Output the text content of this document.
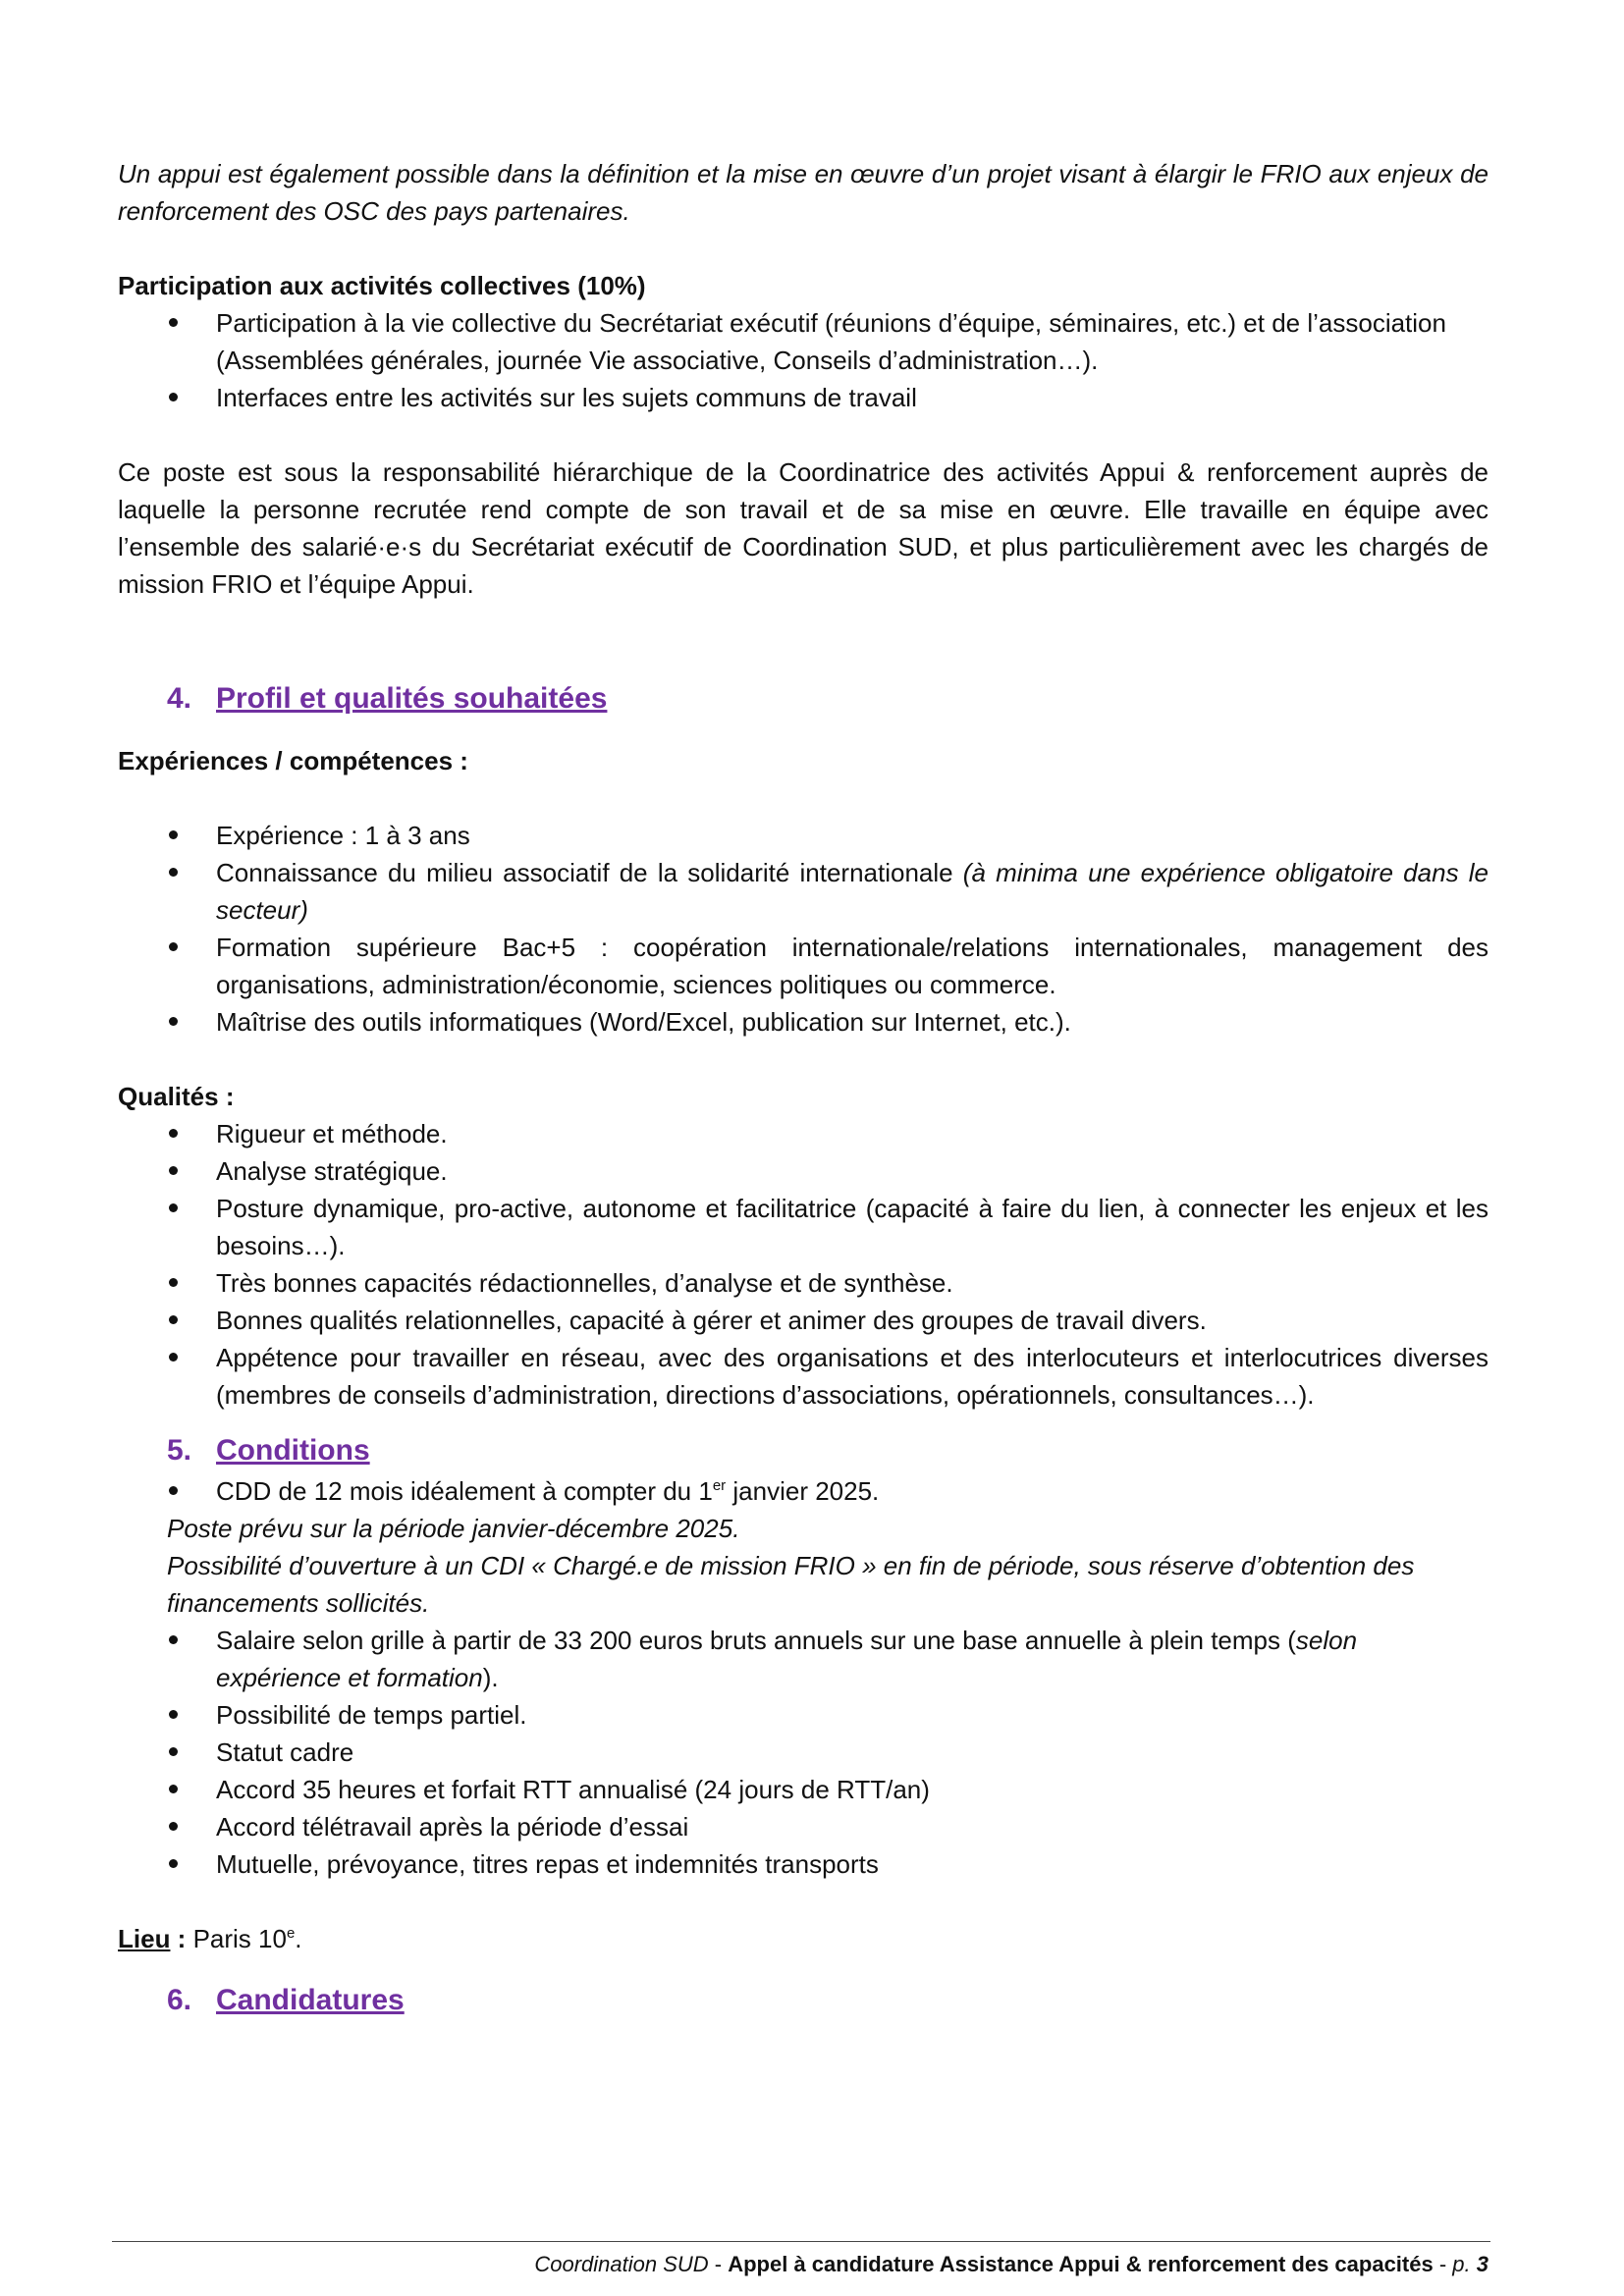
Un appui est également possible dans la définition et la mise en œuvre d’un projet visant à élargir le FRIO aux enjeux de renforcement des OSC des pays partenaires.

Participation aux activités collectives (10%)

Participation à la vie collective du Secrétariat exécutif (réunions d’équipe, séminaires, etc.) et de l’association (Assemblées générales, journée Vie associative, Conseils d’administration…).
Interfaces entre les activités sur les sujets communs de travail

Ce poste est sous la responsabilité hiérarchique de la Coordinatrice des activités Appui & renforcement auprès de laquelle la personne recrutée rend compte de son travail et de sa mise en œuvre. Elle travaille en équipe avec l’ensemble des salarié·e·s du Secrétariat exécutif de Coordination SUD, et plus particulièrement avec les chargés de mission FRIO et l’équipe Appui.

4. Profil et qualités souhaitées

Expériences / compétences :

Expérience : 1 à 3 ans
Connaissance du milieu associatif de la solidarité internationale (à minima une expérience obligatoire dans le secteur)
Formation supérieure Bac+5 : coopération internationale/relations internationales, management des organisations, administration/économie, sciences politiques ou commerce.
Maîtrise des outils informatiques (Word/Excel, publication sur Internet, etc.).

Qualités :

Rigueur et méthode.
Analyse stratégique.
Posture dynamique, pro-active, autonome et facilitatrice (capacité à faire du lien, à connecter les enjeux et les besoins…).
Très bonnes capacités rédactionnelles, d’analyse et de synthèse.
Bonnes qualités relationnelles, capacité à gérer et animer des groupes de travail divers.
Appétence pour travailler en réseau, avec des organisations et des interlocuteurs et interlocutrices diverses (membres de conseils d’administration, directions d’associations, opérationnels, consultances…).
5. Conditions
CDD de 12 mois idéalement à compter du 1er janvier 2025.

Poste prévu sur la période janvier-décembre 2025.

Possibilité d’ouverture à un CDI « Chargé.e de mission FRIO » en fin de période, sous réserve d’obtention des financements sollicités.

Salaire selon grille à partir de 33 200 euros bruts annuels sur une base annuelle à plein temps (selon expérience et formation).
Possibilité de temps partiel.
Statut cadre
Accord 35 heures et forfait RTT annualisé (24 jours de RTT/an)
Accord télétravail après la période d’essai
Mutuelle, prévoyance, titres repas et indemnités transports

Lieu : Paris 10e.

6. Candidatures
Coordination SUD - Appel à candidature Assistance Appui & renforcement des capacités - p. 3
